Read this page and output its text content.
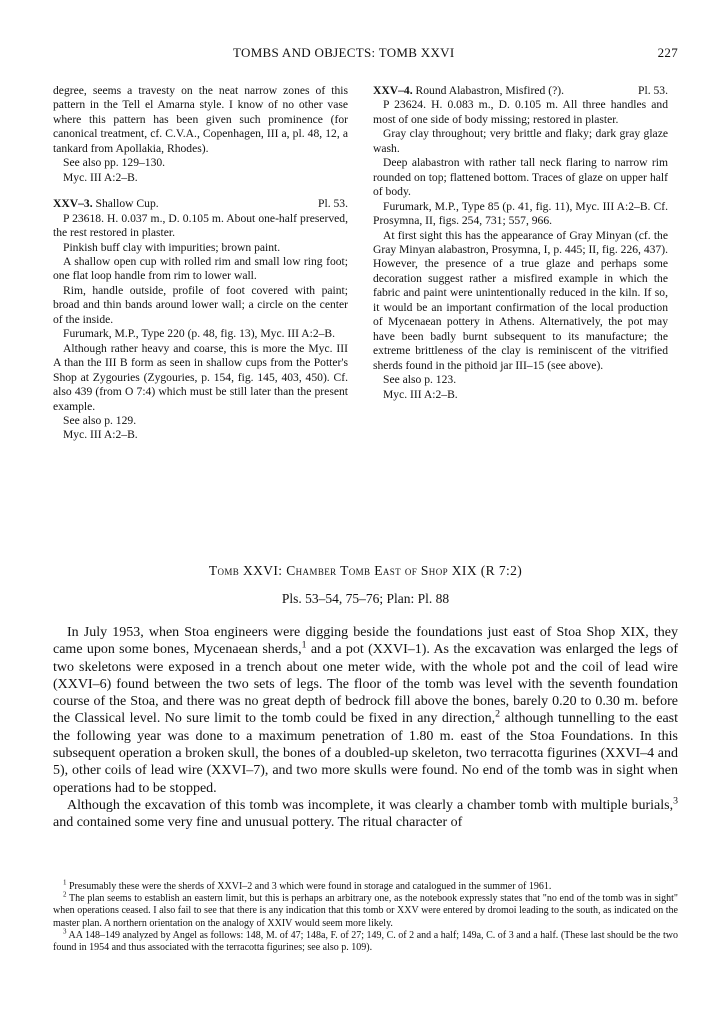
TOMBS AND OBJECTS: TOMB XXVI	227

degree, seems a travesty on the neat narrow zones of this pattern in the Tell el Amarna style. I know of no other vase where this pattern has been given such prominence (for canonical treatment, cf. C.V.A., Copenhagen, III a, pl. 48, 12, a tankard from Apollakia, Rhodes).

See also pp. 129–130.

Myc. III A:2–B.

XXV–3. Shallow Cup.	Pl. 53.

P 23618. H. 0.037 m., D. 0.105 m. About one-half preserved, the rest restored in plaster.

Pinkish buff clay with impurities; brown paint.

A shallow open cup with rolled rim and small low ring foot; one flat loop handle from rim to lower wall.

Rim, handle outside, profile of foot covered with paint; broad and thin bands around lower wall; a circle on the center of the inside.

Furumark, M.P., Type 220 (p. 48, fig. 13), Myc. III A:2–B.

Although rather heavy and coarse, this is more the Myc. III A than the III B form as seen in shallow cups from the Potter's Shop at Zygouries (Zygouries, p. 154, fig. 145, 403, 450). Cf. also 439 (from O 7:4) which must be still later than the present example.

See also p. 129.

Myc. III A:2–B.

XXV–4. Round Alabastron, Misfired (?).	Pl. 53.

P 23624. H. 0.083 m., D. 0.105 m. All three handles and most of one side of body missing; restored in plaster.

Gray clay throughout; very brittle and flaky; dark gray glaze wash.

Deep alabastron with rather tall neck flaring to narrow rim rounded on top; flattened bottom. Traces of glaze on upper half of body.

Furumark, M.P., Type 85 (p. 41, fig. 11), Myc. III A:2–B. Cf. Prosymna, II, figs. 254, 731; 557, 966.

At first sight this has the appearance of Gray Minyan (cf. the Gray Minyan alabastron, Prosymna, I, p. 445; II, fig. 226, 437). However, the presence of a true glaze and perhaps some decoration suggest rather a misfired example in which the fabric and paint were unintentionally reduced in the kiln. If so, it would be an important confirmation of the local production of Mycenaean pottery in Athens. Alternatively, the pot may have been badly burnt subsequent to its manufacture; the extreme brittleness of the clay is reminiscent of the vitrified sherds found in the pithoid jar III–15 (see above).

See also p. 123.

Myc. III A:2–B.

Tomb XXVI: Chamber Tomb East of Shop XIX (R 7:2)
Pls. 53–54, 75–76; Plan: Pl. 88

In July 1953, when Stoa engineers were digging beside the foundations just east of Stoa Shop XIX, they came upon some bones, Mycenaean sherds,$^1$ and a pot (XXVI–1). As the excavation was enlarged the legs of two skeletons were exposed in a trench about one meter wide, with the whole pot and the coil of lead wire (XXVI–6) found between the two sets of legs. The floor of the tomb was level with the seventh foundation course of the Stoa, and there was no great depth of bedrock fill above the bones, barely 0.20 to 0.30 m. before the Classical level. No sure limit to the tomb could be fixed in any direction,$^2$ although tunnelling to the east the following year was done to a maximum penetration of 1.80 m. east of the Stoa Foundations. In this subsequent operation a broken skull, the bones of a doubled-up skeleton, two terracotta figurines (XXVI–4 and 5), other coils of lead wire (XXVI–7), and two more skulls were found. No end of the tomb was in sight when operations had to be stopped.

Although the excavation of this tomb was incomplete, it was clearly a chamber tomb with multiple burials,$^3$ and contained some very fine and unusual pottery. The ritual character of

$^1$ Presumably these were the sherds of XXVI–2 and 3 which were found in storage and catalogued in the summer of 1961.

$^2$ The plan seems to establish an eastern limit, but this is perhaps an arbitrary one, as the notebook expressly states that "no end of the tomb was in sight" when operations ceased. I also fail to see that there is any indication that this tomb or XXV were entered by dromoi leading to the south, as indicated on the master plan. A northern orientation on the analogy of XXIV would seem more likely.

$^3$ AA 148–149 analyzed by Angel as follows: 148, M. of 47; 148a, F. of 27; 149, C. of 2 and a half; 149a, C. of 3 and a half. (These last should be the two found in 1954 and thus associated with the terracotta figurines; see also p. 109).
